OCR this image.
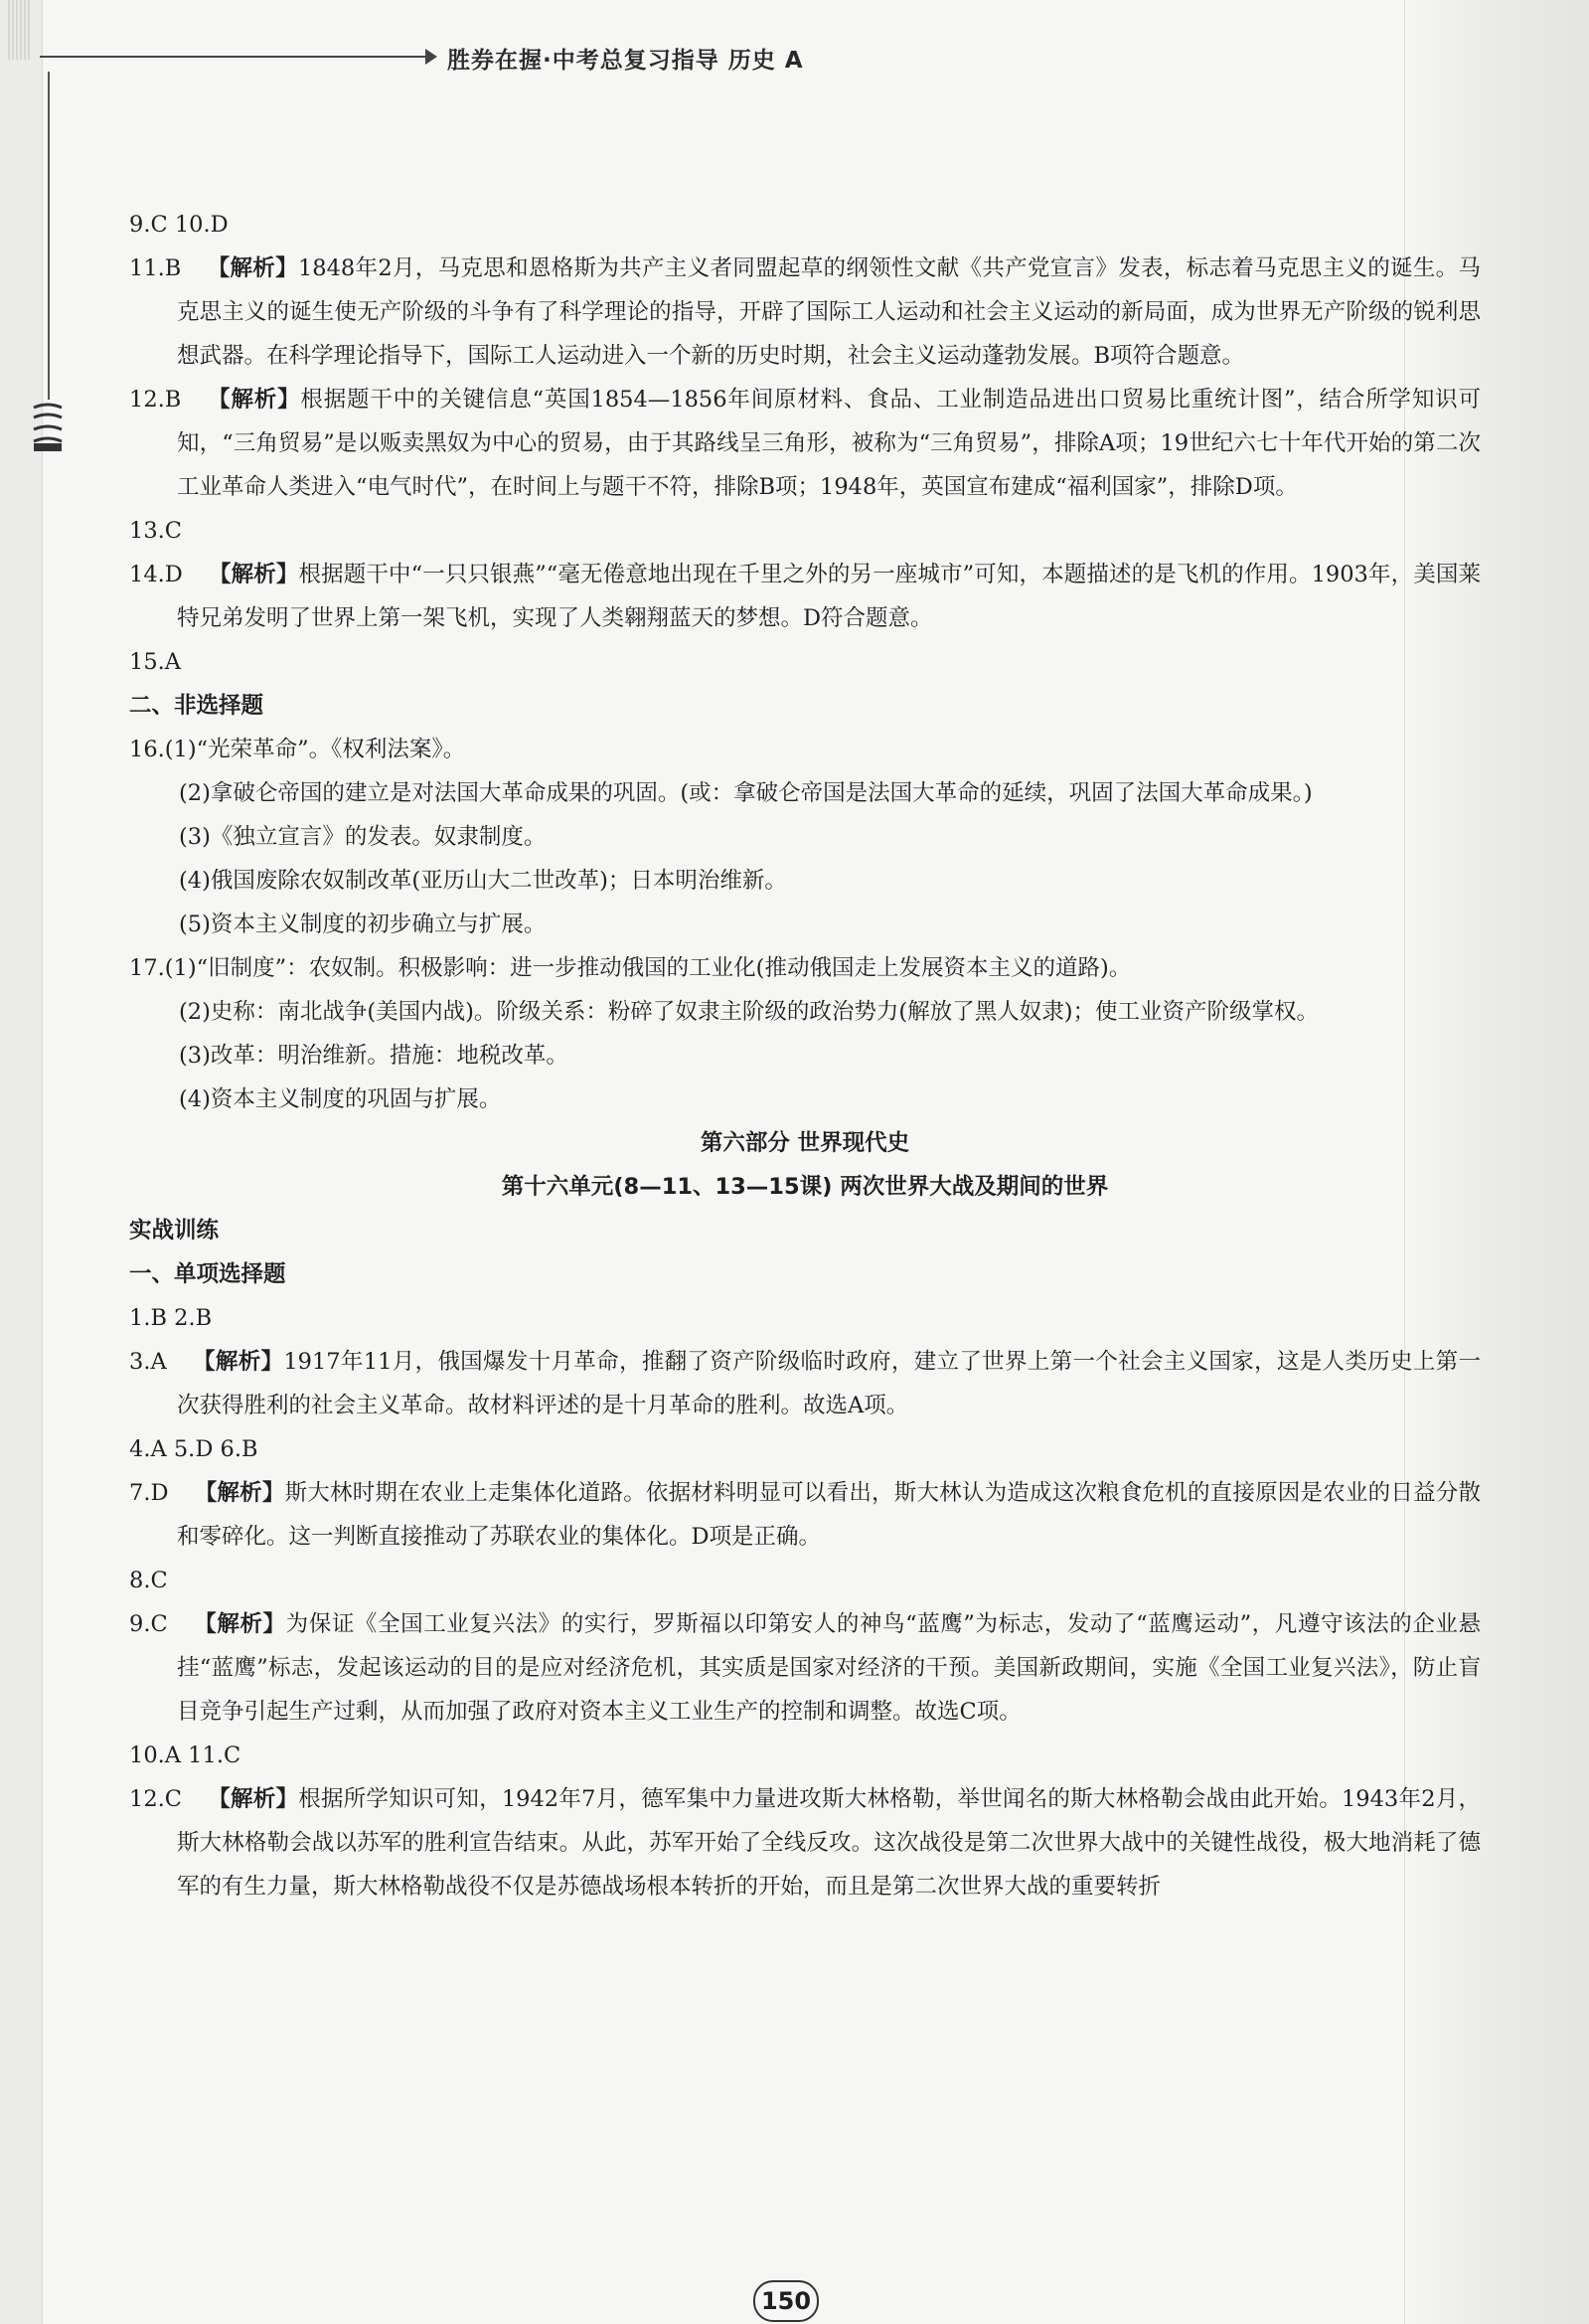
胜券在握·中考总复习指导 历史 A

9.C 10.D

11.B 【解析】1848年2月，马克思和恩格斯为共产主义者同盟起草的纲领性文献《共产党宣言》发表，标志着马克思主义的诞生。马克思主义的诞生使无产阶级的斗争有了科学理论的指导，开辟了国际工人运动和社会主义运动的新局面，成为世界无产阶级的锐利思想武器。在科学理论指导下，国际工人运动进入一个新的历史时期，社会主义运动蓬勃发展。B项符合题意。

12.B 【解析】根据题干中的关键信息“英国1854—1856年间原材料、食品、工业制造品进出口贸易比重统计图”，结合所学知识可知，“三角贸易”是以贩卖黑奴为中心的贸易，由于其路线呈三角形，被称为“三角贸易”，排除A项；19世纪六七十年代开始的第二次工业革命人类进入“电气时代”，在时间上与题干不符，排除B项；1948年，英国宣布建成“福利国家”，排除D项。

13.C

14.D 【解析】根据题干中“一只只银燕”“毫无倦意地出现在千里之外的另一座城市”可知，本题描述的是飞机的作用。1903年，美国莱特兄弟发明了世界上第一架飞机，实现了人类翱翔蓝天的梦想。D符合题意。

15.A

二、非选择题

16.(1)“光荣革命”。《权利法案》。

(2)拿破仑帝国的建立是对法国大革命成果的巩固。(或：拿破仑帝国是法国大革命的延续，巩固了法国大革命成果。)

(3)《独立宣言》的发表。奴隶制度。

(4)俄国废除农奴制改革(亚历山大二世改革)；日本明治维新。

(5)资本主义制度的初步确立与扩展。

17.(1)“旧制度”：农奴制。积极影响：进一步推动俄国的工业化(推动俄国走上发展资本主义的道路)。

(2)史称：南北战争(美国内战)。阶级关系：粉碎了奴隶主阶级的政治势力(解放了黑人奴隶)；使工业资产阶级掌权。

(3)改革：明治维新。措施：地税改革。

(4)资本主义制度的巩固与扩展。

第六部分 世界现代史

第十六单元(8—11、13—15课) 两次世界大战及期间的世界

实战训练

一、单项选择题

1.B 2.B

3.A 【解析】1917年11月，俄国爆发十月革命，推翻了资产阶级临时政府，建立了世界上第一个社会主义国家，这是人类历史上第一次获得胜利的社会主义革命。故材料评述的是十月革命的胜利。故选A项。

4.A 5.D 6.B

7.D 【解析】斯大林时期在农业上走集体化道路。依据材料明显可以看出，斯大林认为造成这次粮食危机的直接原因是农业的日益分散和零碎化。这一判断直接推动了苏联农业的集体化。D项是正确。

8.C

9.C 【解析】为保证《全国工业复兴法》的实行，罗斯福以印第安人的神鸟“蓝鹰”为标志，发动了“蓝鹰运动”，凡遵守该法的企业悬挂“蓝鹰”标志，发起该运动的目的是应对经济危机，其实质是国家对经济的干预。美国新政期间，实施《全国工业复兴法》，防止盲目竞争引起生产过剩，从而加强了政府对资本主义工业生产的控制和调整。故选C项。

10.A 11.C

12.C 【解析】根据所学知识可知，1942年7月，德军集中力量进攻斯大林格勒，举世闻名的斯大林格勒会战由此开始。1943年2月，斯大林格勒会战以苏军的胜利宣告结束。从此，苏军开始了全线反攻。这次战役是第二次世界大战中的关键性战役，极大地消耗了德军的有生力量，斯大林格勒战役不仅是苏德战场根本转折的开始，而且是第二次世界大战的重要转折

150
